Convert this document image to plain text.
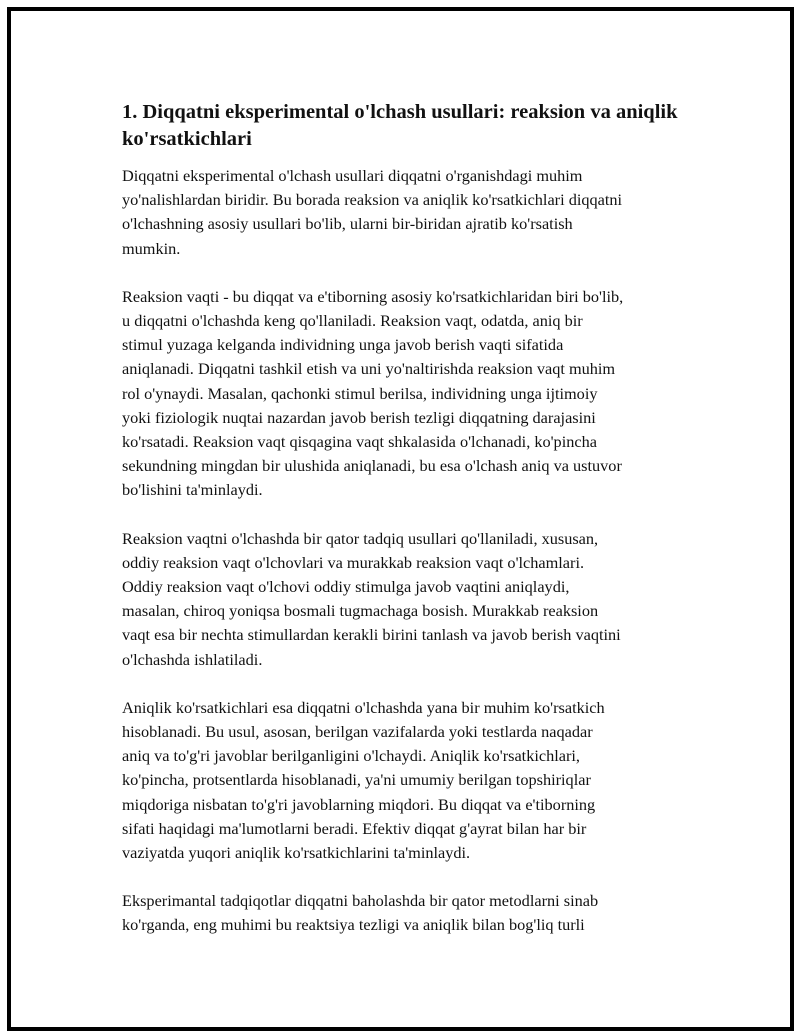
1. Diqqatni eksperimental o'lchash usullari: reaksion va aniqlik ko'rsatkichlari

Diqqatni eksperimental o'lchash usullari diqqatni o'rganishdagi muhim
yo'nalishlardan biridir. Bu borada reaksion va aniqlik ko'rsatkichlari diqqatni
o'lchashning asosiy usullari bo'lib, ularni bir-biridan ajratib ko'rsatish
mumkin.

Reaksion vaqti - bu diqqat va e'tiborning asosiy ko'rsatkichlaridan biri bo'lib,
u diqqatni o'lchashda keng qo'llaniladi. Reaksion vaqt, odatda, aniq bir
stimul yuzaga kelganda individning unga javob berish vaqti sifatida
aniqlanadi. Diqqatni tashkil etish va uni yo'naltirishda reaksion vaqt muhim
rol o'ynaydi. Masalan, qachonki stimul berilsa, individning unga ijtimoiy
yoki fiziologik nuqtai nazardan javob berish tezligi diqqatning darajasini
ko'rsatadi. Reaksion vaqt qisqagina vaqt shkalasida o'lchanadi, ko'pincha
sekundning mingdan bir ulushida aniqlanadi, bu esa o'lchash aniq va ustuvor
bo'lishini ta'minlaydi.

Reaksion vaqtni o'lchashda bir qator tadqiq usullari qo'llaniladi, xususan,
oddiy reaksion vaqt o'lchovlari va murakkab reaksion vaqt o'lchamlari.
Oddiy reaksion vaqt o'lchovi oddiy stimulga javob vaqtini aniqlaydi,
masalan, chiroq yoniqsa bosmali tugmachaga bosish. Murakkab reaksion
vaqt esa bir nechta stimullardan kerakli birini tanlash va javob berish vaqtini
o'lchashda ishlatiladi.

Aniqlik ko'rsatkichlari esa diqqatni o'lchashda yana bir muhim ko'rsatkich
hisoblanadi. Bu usul, asosan, berilgan vazifalarda yoki testlarda naqadar
aniq va to'g'ri javoblar berilganligini o'lchaydi. Aniqlik ko'rsatkichlari,
ko'pincha, protsentlarda hisoblanadi, ya'ni umumiy berilgan topshiriqlar
miqdoriga nisbatan to'g'ri javoblarning miqdori. Bu diqqat va e'tiborning
sifati haqidagi ma'lumotlarni beradi. Efektiv diqqat g'ayrat bilan har bir
vaziyatda yuqori aniqlik ko'rsatkichlarini ta'minlaydi.

Eksperimantal tadqiqotlar diqqatni baholashda bir qator metodlarni sinab
ko'rganda, eng muhimi bu reaktsiya tezligi va aniqlik bilan bog'liq turli
